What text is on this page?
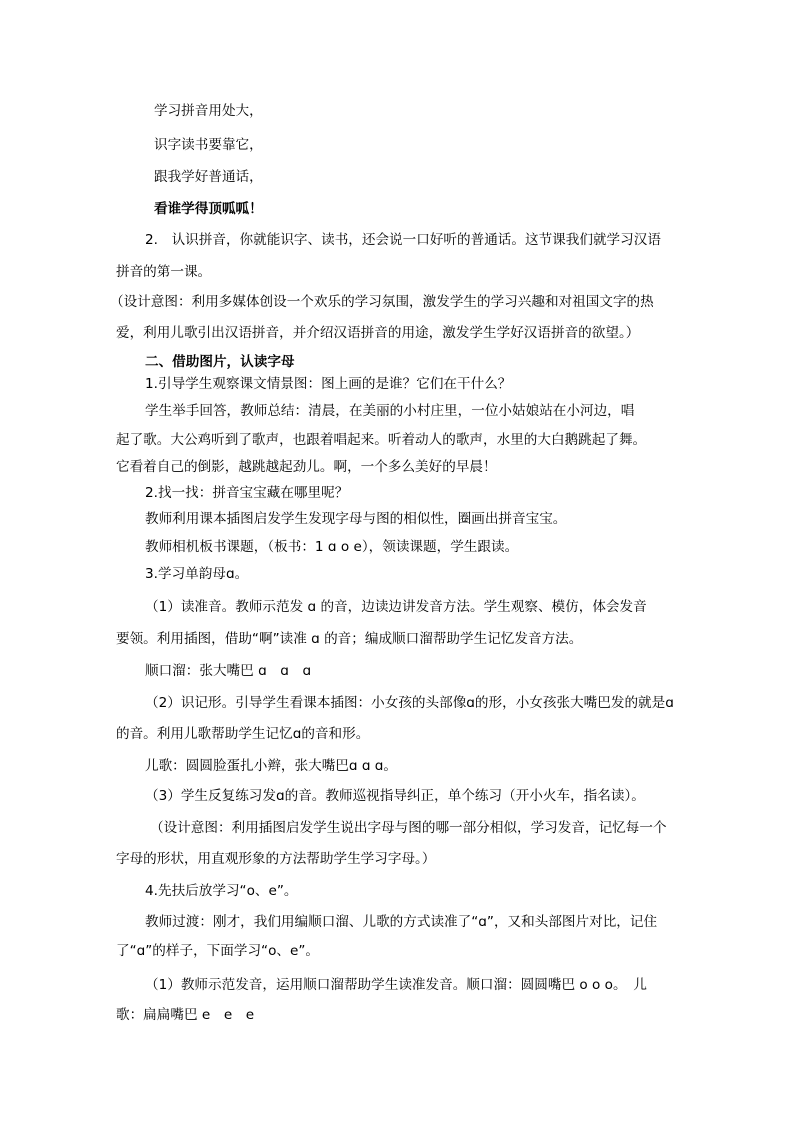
学习拼音用处大，
识字读书要靠它，
跟我学好普通话，
看谁学得顶呱呱！
2.　认识拼音，你就能识字、读书，还会说一口好听的普通话。这节课我们就学习汉语
拼音的第一课。
（设计意图：利用多媒体创设一个欢乐的学习氛围，激发学生的学习兴趣和对祖国文字的热
爱，利用儿歌引出汉语拼音，并介绍汉语拼音的用途，激发学生学好汉语拼音的欲望。）
二、借助图片，认读字母
1.引导学生观察课文情景图：图上画的是谁？它们在干什么？
学生举手回答，教师总结：清晨，在美丽的小村庄里，一位小姑娘站在小河边，唱
起了歌。大公鸡听到了歌声，也跟着唱起来。听着动人的歌声，水里的大白鹅跳起了舞。
它看着自己的倒影，越跳越起劲儿。啊，一个多么美好的早晨！
2.找一找：拼音宝宝藏在哪里呢？
教师利用课本插图启发学生发现字母与图的相似性，圈画出拼音宝宝。
教师相机板书课题，（板书：1 ɑ o e），领读课题，学生跟读。
3.学习单韵母ɑ。
（1）读准音。教师示范发 ɑ 的音，边读边讲发音方法。学生观察、模仿，体会发音
要领。利用插图，借助“啊”读准 ɑ 的音；编成顺口溜帮助学生记忆发音方法。
顺口溜：张大嘴巴 ɑ　ɑ　ɑ
（2）识记形。引导学生看课本插图：小女孩的头部像ɑ的形，小女孩张大嘴巴发的就是ɑ
的音。利用儿歌帮助学生记忆ɑ的音和形。
儿歌：圆圆脸蛋扎小辫，张大嘴巴ɑ ɑ ɑ。
（3）学生反复练习发ɑ的音。教师巡视指导纠正，单个练习（开小火车，指名读）。
（设计意图：利用插图启发学生说出字母与图的哪一部分相似，学习发音，记忆每一个
字母的形状，用直观形象的方法帮助学生学习字母。）
4.先扶后放学习“o、e”。
教师过渡：刚才，我们用编顺口溜、儿歌的方式读准了“ɑ”，又和头部图片对比，记住
了“ɑ”的样子，下面学习“o、e”。
（1）教师示范发音，运用顺口溜帮助学生读准发音。顺口溜：圆圆嘴巴 o o o。　儿
歌：扁扁嘴巴 e　e　e
